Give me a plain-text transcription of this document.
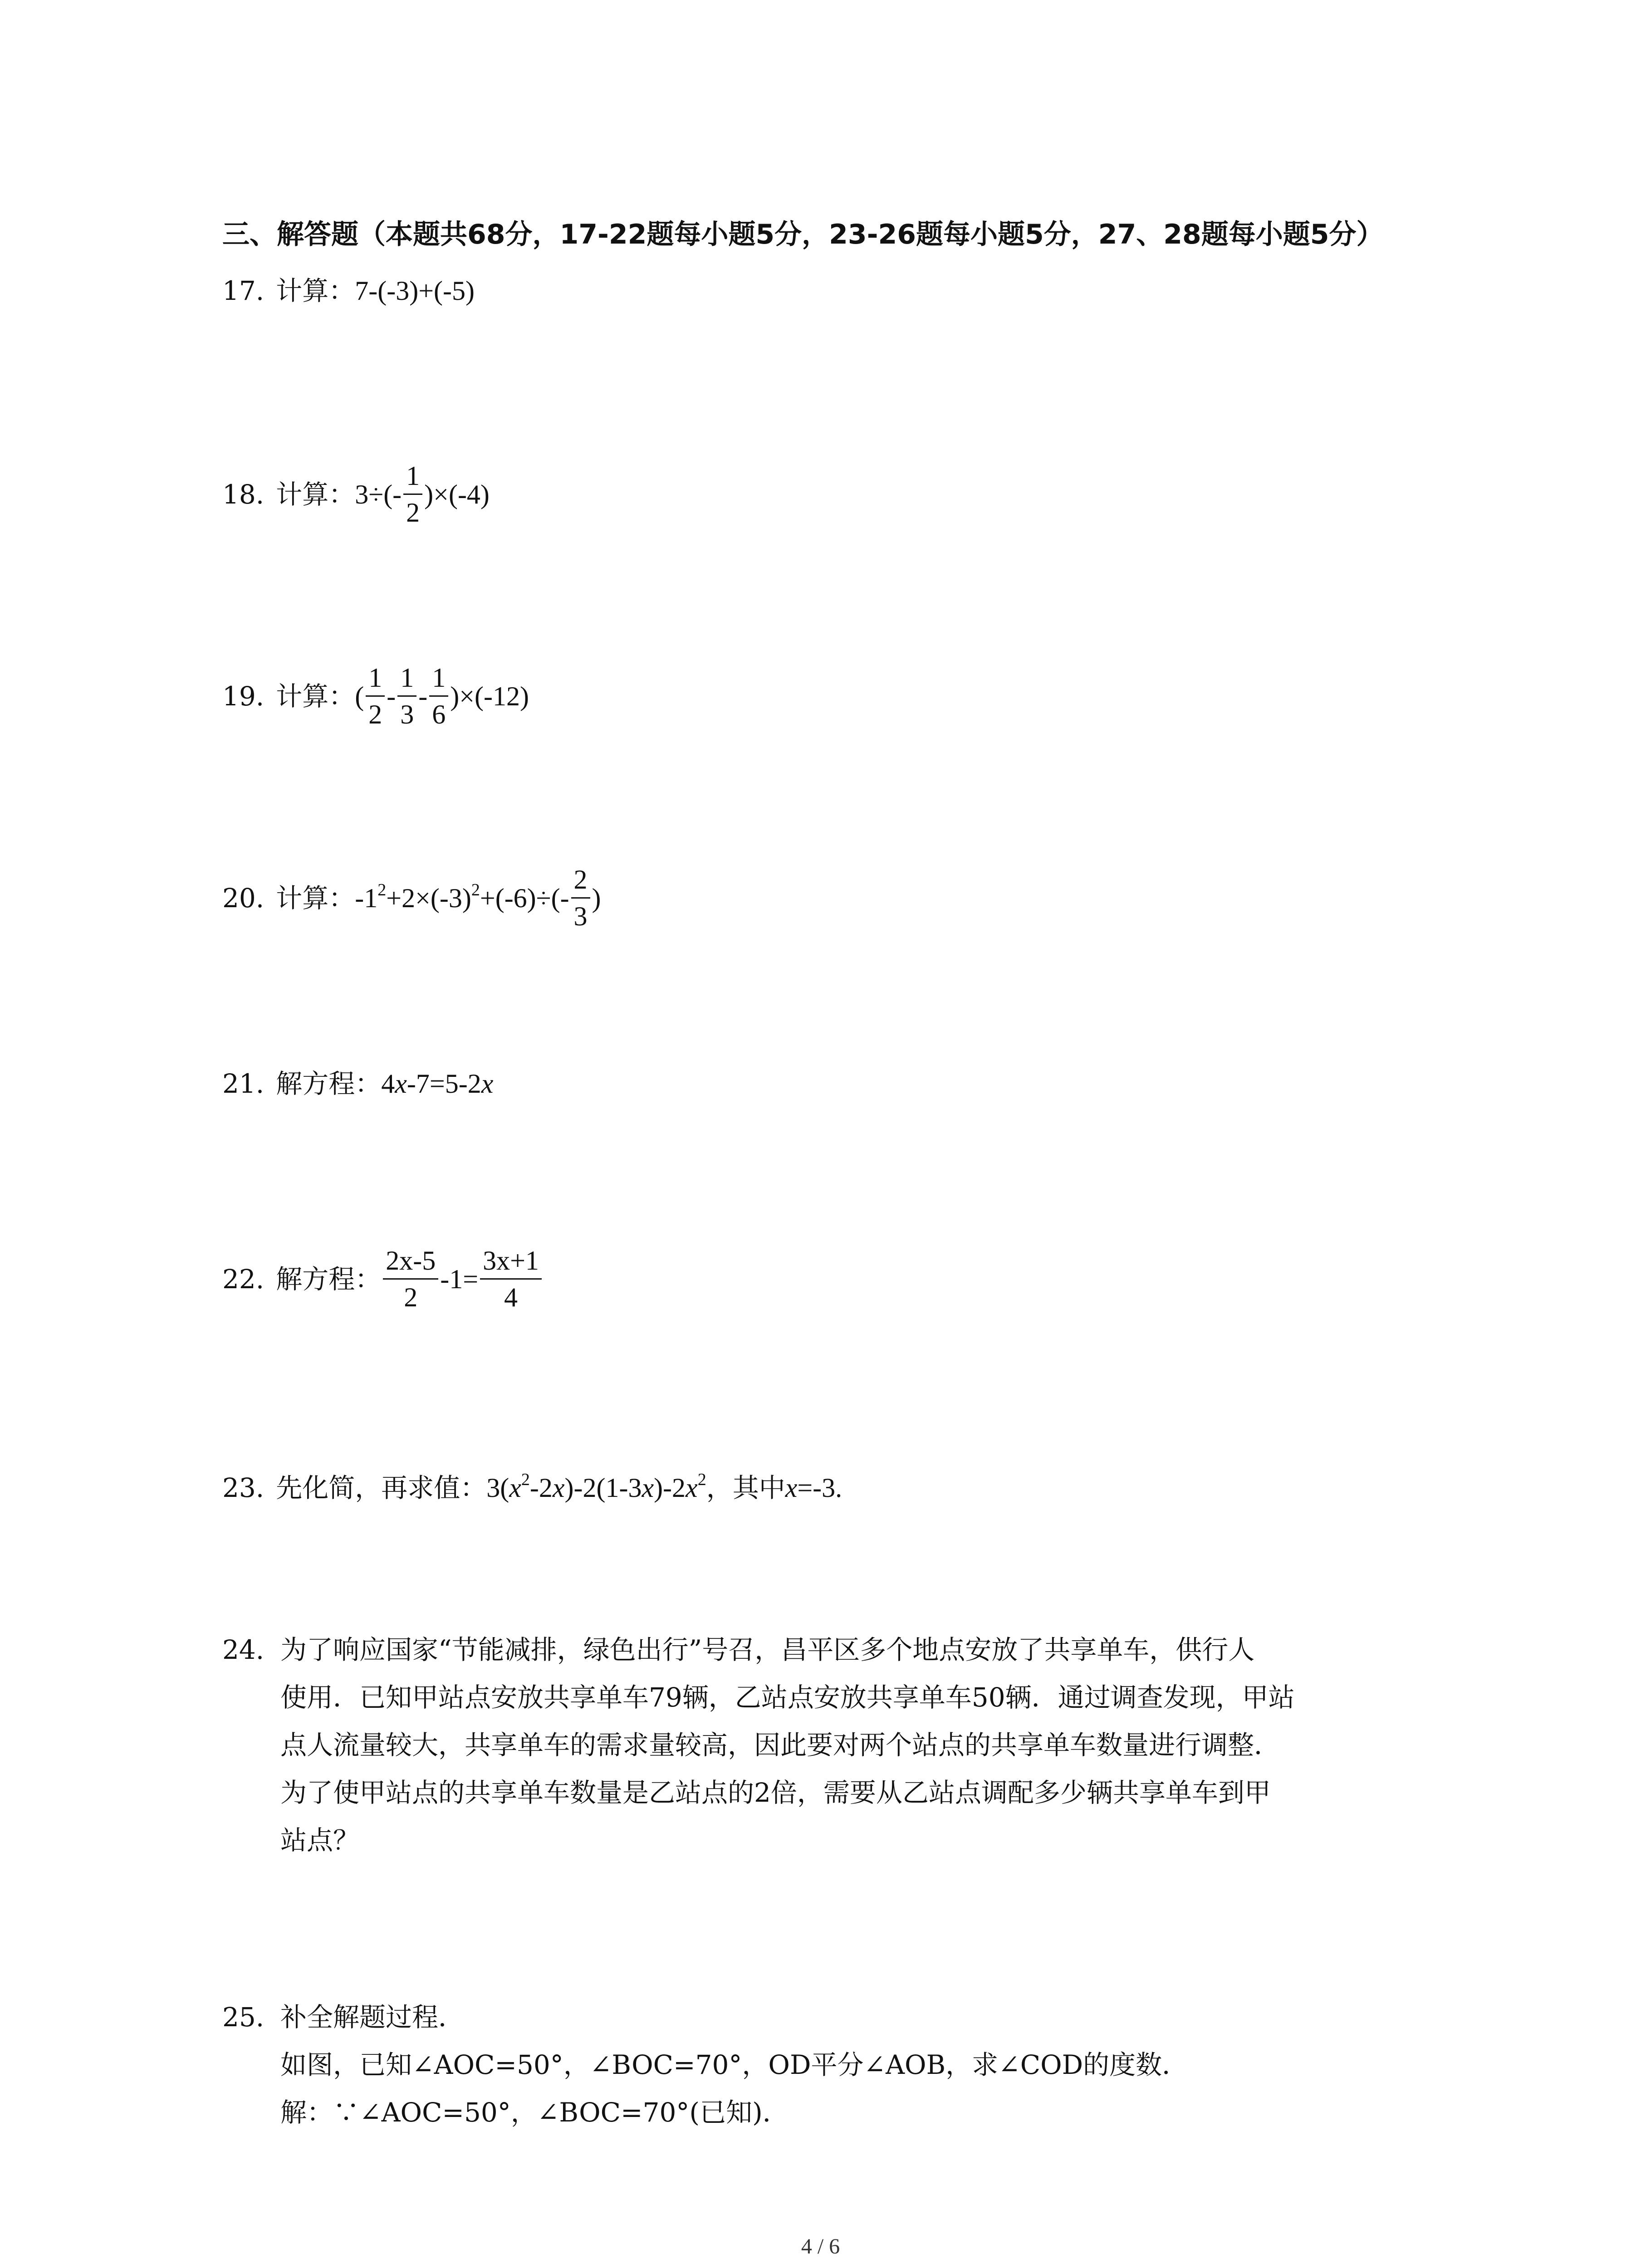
三、解答题（本题共68分，17-22题每小题5分，23-26题每小题5分，27、28题每小题5分）
17. 计算： 7-(-3)+(-5)
18. 计算： $3\div(- \frac{1}{2} )\times(-4)$
19. 计算： ( $\frac{1}{2} - \frac{1}{3} - \frac{1}{6} )\times(-12)$
20. 计算： $-1^2+2\times(-3)^2+(-6)\div(- \frac{2}{3}$ )
21. 解方程： 4x-7=5-2x
22. 解方程： $\frac{2x-5}{2} -1= \frac{3x+1}{4}$
23. 先化简，再求值： $3(x^2-2x)-2(1-3x)-2x^2$ ，其中 x =-3.
24. 为了响应国家“节能减排，绿色出行”号召，昌平区多个地点安放了共享单车，供行人
使用．已知甲站点安放共享单车79辆，乙站点安放共享单车50辆．通过调查发现，甲站
点人流量较大，共享单车的需求量较高，因此要对两个站点的共享单车数量进行调整．
为了使甲站点的共享单车数量是乙站点的2倍，需要从乙站点调配多少辆共享单车到甲
站点？
25. 补全解题过程．
如图，已知∠AOC=50°，∠BOC=70°，OD平分∠AOB，求∠COD的度数．
解：∵∠AOC=50°，∠BOC=70°(已知)．
4 / 6
